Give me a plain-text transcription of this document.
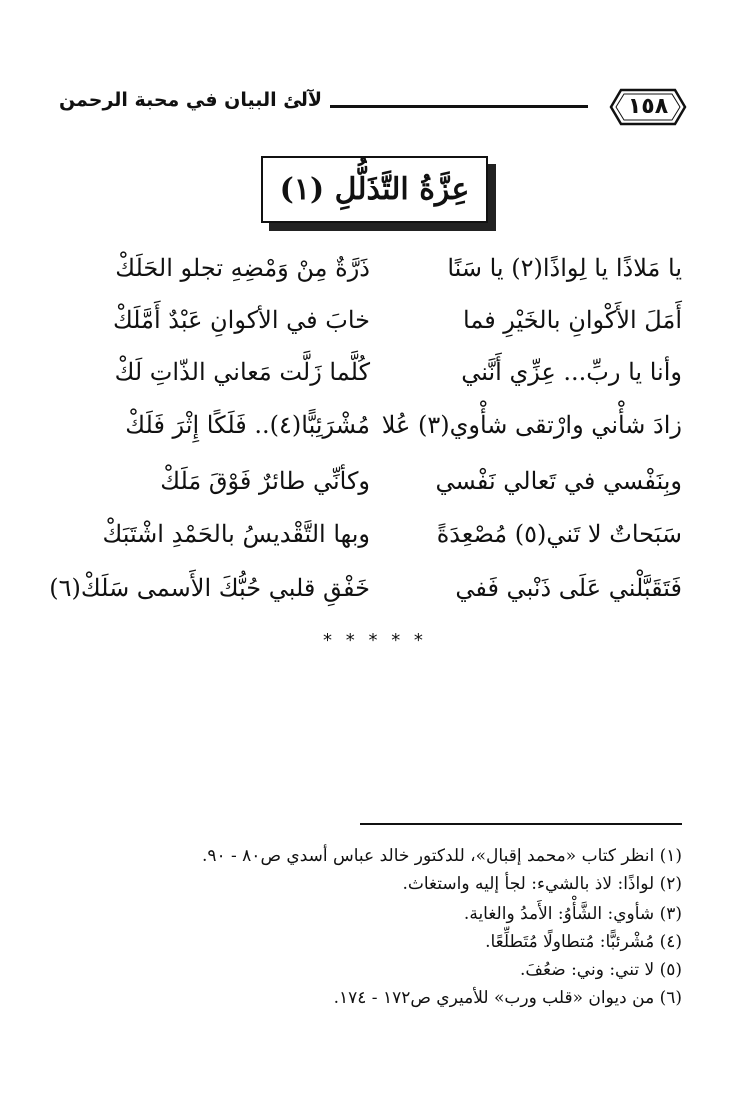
١٥٨
لآلئ البيان في محبة الرحمن
عِزَّةُ التَّذَلُّلِ (١)
يا مَلاذًا يا لِواذًا(٢) يا سَنًا
ذَرَّةٌ مِنْ وَمْضِهِ تجلو الحَلَكْ
أَمَلَ الأَكْوانِ بالخَيْرِ فما
خابَ في الأكوانِ عَبْدٌ أَمَّلَكْ
وأنا يا ربِّ... عِزِّي أَنَّني
كُلَّما زَلَّت مَعاني الذّاتِ لَكْ
زادَ شأْني وارْتقى شأْوي(٣) عُلا
مُشْرَئِبًّا(٤).. فَلَكًا إِثْرَ فَلَكْ
وبِنَفْسي في تَعالي نَفْسي
وكأنِّي طائرٌ فَوْقَ مَلَكْ
سَبَحاتٌ لا تَني(٥) مُصْعِدَةً
وبها التَّقْديسُ بالحَمْدِ اشْتَبَكْ
فَتَقَبَّلْني عَلَى ذَنْبي فَفي
خَفْقِ قلبي حُبُّكَ الأَسمى سَلَكْ(٦)
* * * * *
(١) انظر كتاب «محمد إقبال»، للدكتور خالد عباس أسدي ص٨٠ - ٩٠.
(٢) لواذًا: لاذ بالشيء: لجأ إليه واستغاث.
(٣) شأوي: الشَّأْوُ: الأَمدُ والغاية.
(٤) مُشْرئبًّا: مُتطاولًا مُتَطلِّعًا.
(٥) لا تني: وني: ضعُفَ.
(٦) من ديوان «قلب ورب» للأميري ص١٧٢ - ١٧٤.
